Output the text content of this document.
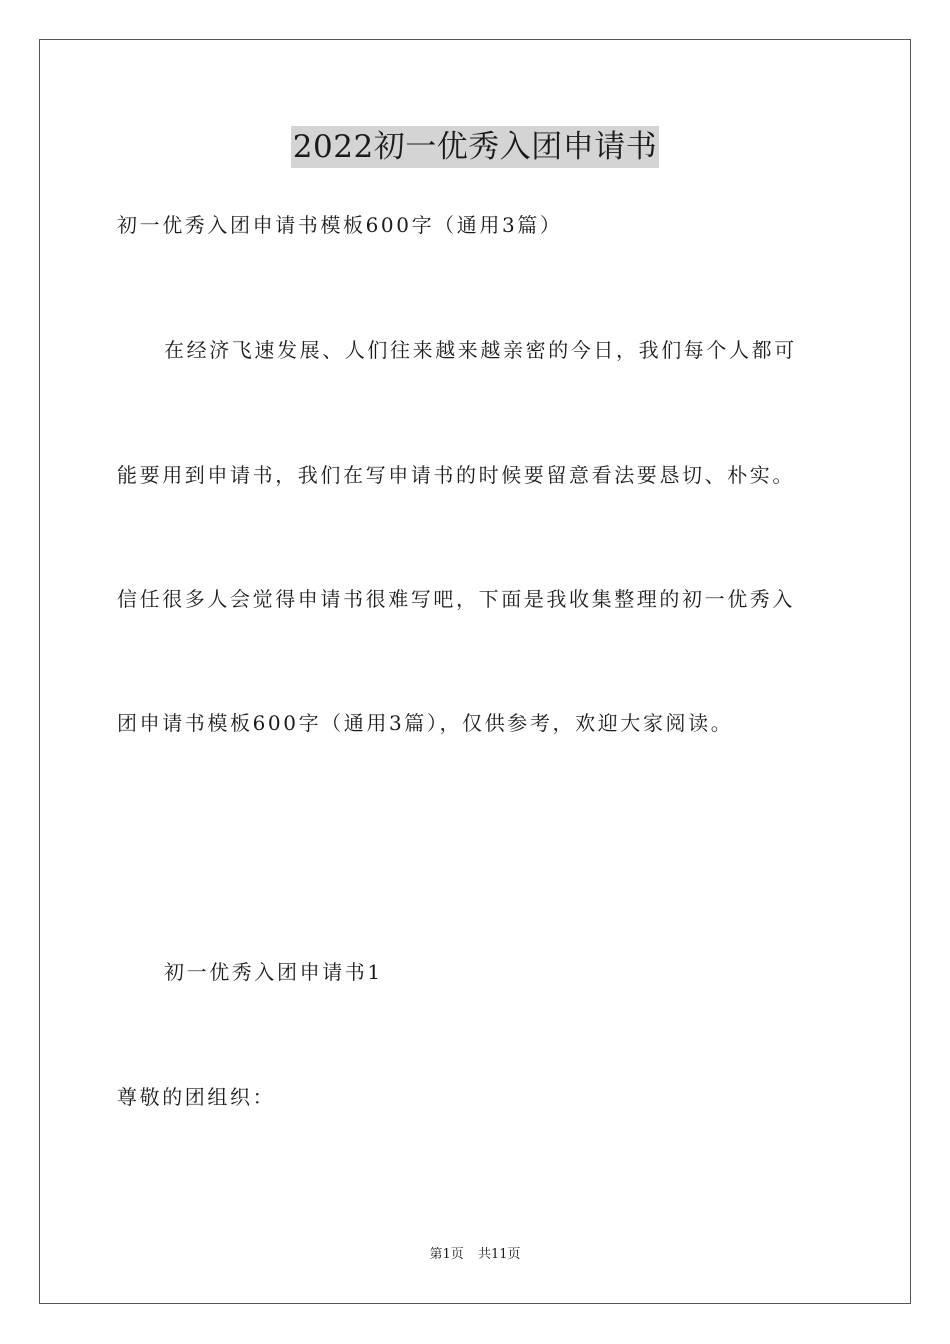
2022初一优秀入团申请书
初一优秀入团申请书模板600字（通用3篇）
在经济飞速发展、人们往来越来越亲密的今日，我们每个人都可
能要用到申请书，我们在写申请书的时候要留意看法要恳切、朴实。
信任很多人会觉得申请书很难写吧，下面是我收集整理的初一优秀入
团申请书模板600字（通用3篇），仅供参考，欢迎大家阅读。
初一优秀入团申请书1
尊敬的团组织：
第1页 共11页
